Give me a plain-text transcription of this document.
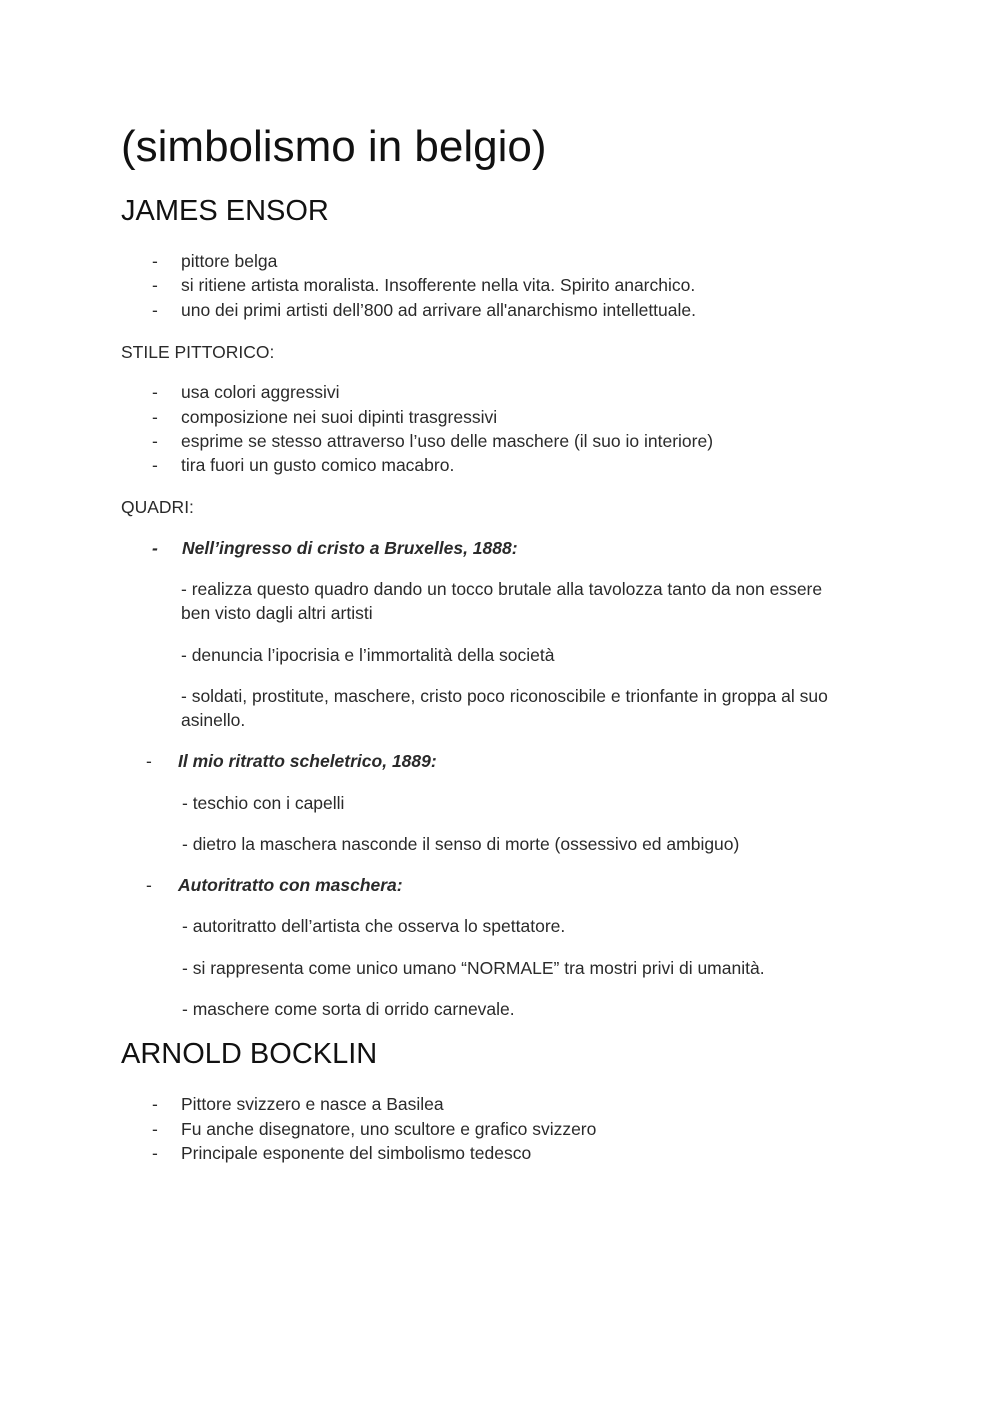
(simbolismo in belgio)
JAMES ENSOR
- pittore belga
- si ritiene artista moralista. Insofferente nella vita. Spirito anarchico.
- uno dei primi artisti dell’800 ad arrivare all'anarchismo intellettuale.
STILE PITTORICO:
- usa colori aggressivi
- composizione nei suoi dipinti trasgressivi
- esprime se stesso attraverso l’uso delle maschere (il suo io interiore)
- tira fuori un gusto comico macabro.
QUADRI:
- Nell’ingresso di cristo a Bruxelles, 1888:
- realizza questo quadro dando un tocco brutale alla tavolozza tanto da non essere
ben visto dagli altri artisti
- denuncia l’ipocrisia e l’immortalità della società
- soldati, prostitute, maschere, cristo poco riconoscibile e trionfante in groppa al suo
asinello.
- Il mio ritratto scheletrico, 1889:
- teschio con i capelli
- dietro la maschera nasconde il senso di morte (ossessivo ed ambiguo)
- Autoritratto con maschera:
- autoritratto dell’artista che osserva lo spettatore.
- si rappresenta come unico umano “NORMALE” tra mostri privi di umanità.
- maschere come sorta di orrido carnevale.
ARNOLD BOCKLIN
- Pittore svizzero e nasce a Basilea
- Fu anche disegnatore, uno scultore e grafico svizzero
- Principale esponente del simbolismo tedesco
